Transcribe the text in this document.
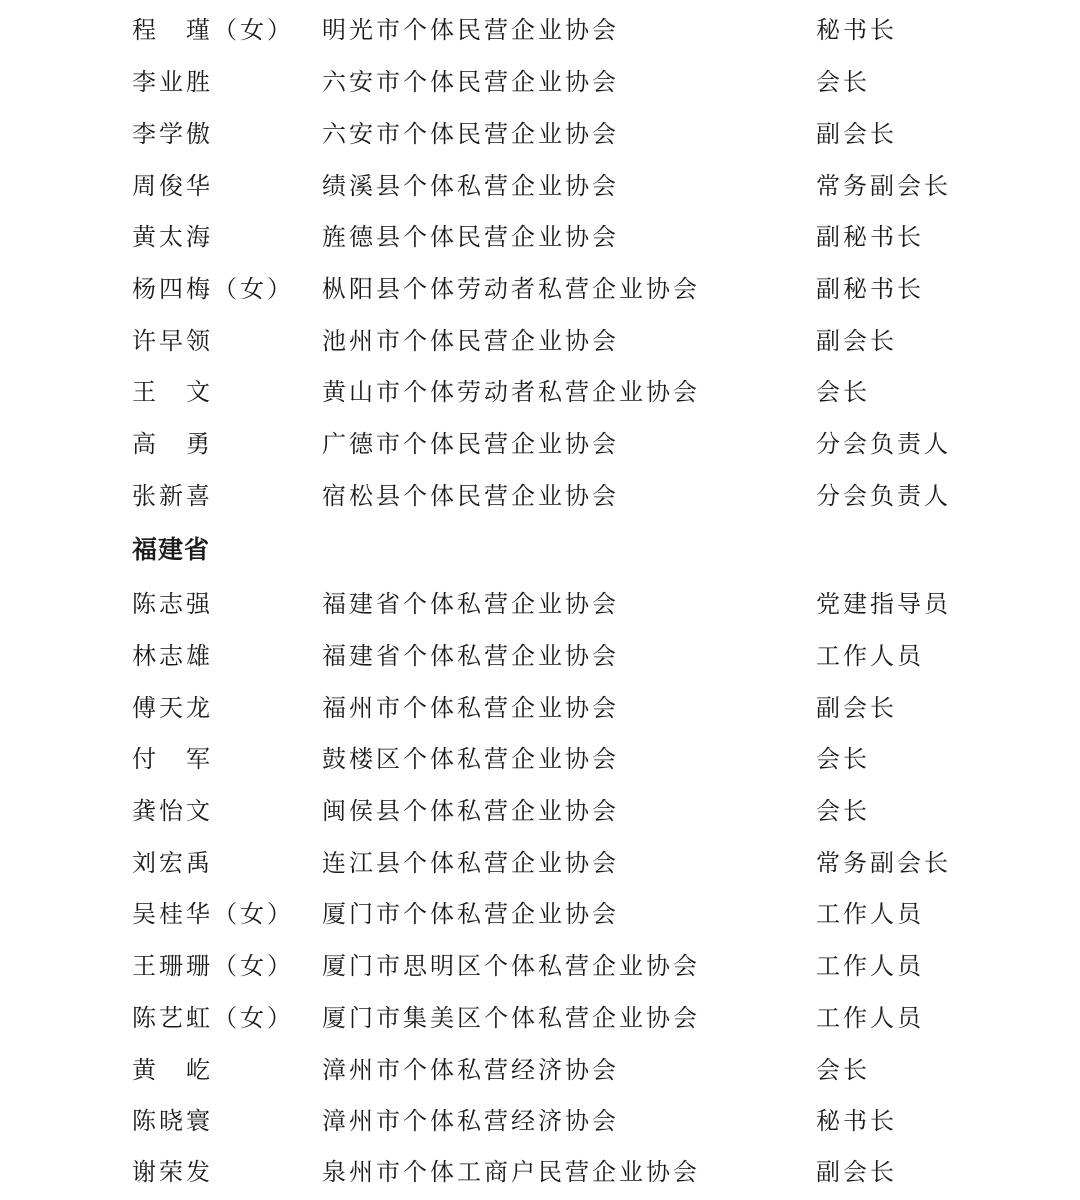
程　瑾（女） 明光市个体民营企业协会	秘书长
李业胜	六安市个体民营企业协会	会长
李学傲	六安市个体民营企业协会	副会长
周俊华	绩溪县个体私营企业协会	常务副会长
黄太海	旌德县个体民营企业协会	副秘书长
杨四梅（女） 枞阳县个体劳动者私营企业协会	副秘书长
许早领	池州市个体民营企业协会	副会长
王　文	黄山市个体劳动者私营企业协会	会长
高　勇	广德市个体民营企业协会	分会负责人
张新喜	宿松县个体民营企业协会	分会负责人
福建省
陈志强	福建省个体私营企业协会	党建指导员
林志雄	福建省个体私营企业协会	工作人员
傅天龙	福州市个体私营企业协会	副会长
付　军	鼓楼区个体私营企业协会	会长
龚怡文	闽侯县个体私营企业协会	会长
刘宏禹	连江县个体私营企业协会	常务副会长
吴桂华（女） 厦门市个体私营企业协会	工作人员
王珊珊（女） 厦门市思明区个体私营企业协会	工作人员
陈艺虹（女） 厦门市集美区个体私营企业协会	工作人员
黄　屹	漳州市个体私营经济协会	会长
陈晓寰	漳州市个体私营经济协会	秘书长
谢荣发	泉州市个体工商户民营企业协会	副会长
